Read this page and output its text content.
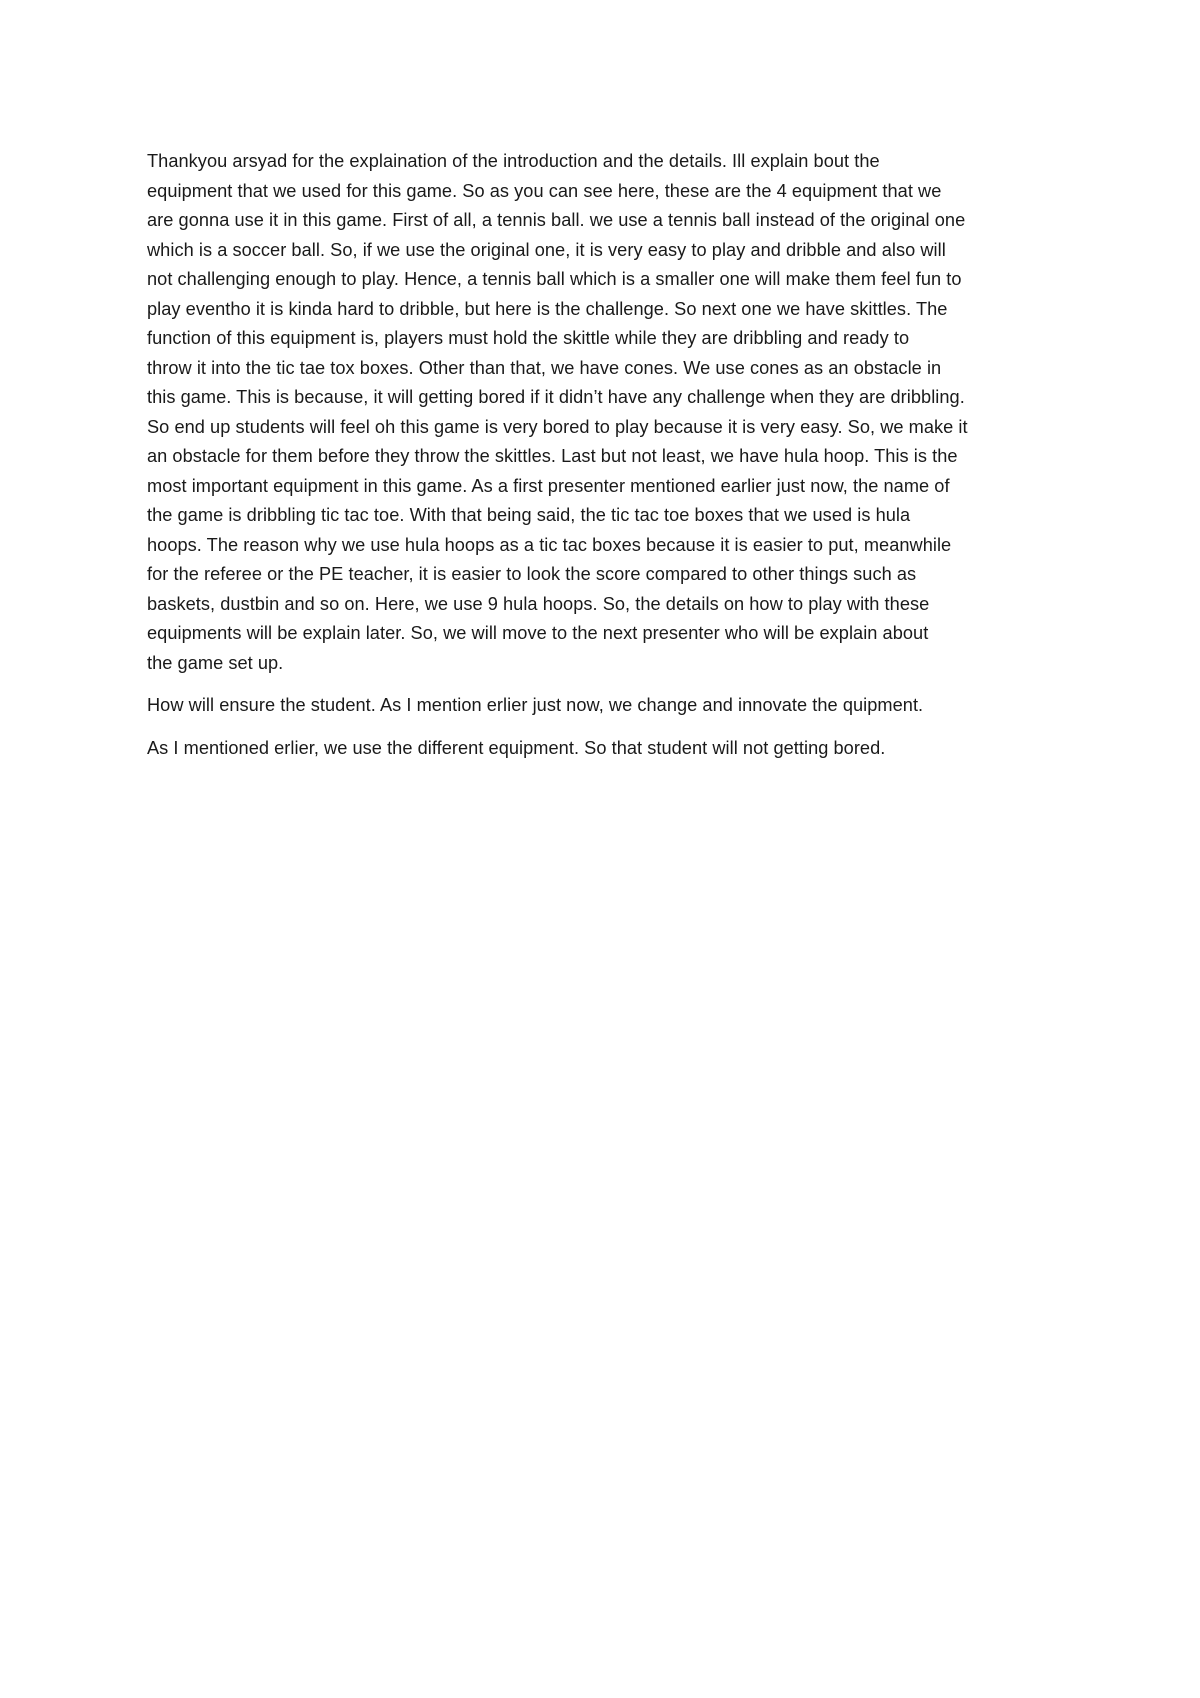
Thankyou arsyad for the explaination of the introduction and the details. Ill explain bout the
equipment that we used for this game. So as you can see here, these are the 4 equipment that we
are gonna use it in this game. First of all, a tennis ball. we use a tennis ball instead of the original one
which is a soccer ball. So, if we use the original one, it is very easy to play and dribble and also will
not challenging enough to play. Hence, a tennis ball which is a smaller one will make them feel fun to
play eventho it is kinda hard to dribble, but here is the challenge. So next one we have skittles. The
function of this equipment is, players must hold the skittle while they are dribbling and ready to
throw it into the tic tae tox boxes. Other than that, we have cones. We use cones as an obstacle in
this game. This is because, it will getting bored if it didn’t have any challenge when they are dribbling.
So end up students will feel oh this game is very bored to play because it is very easy. So, we make it
an obstacle for them before they throw the skittles. Last but not least, we have hula hoop. This is the
most important equipment in this game. As a first presenter mentioned earlier just now, the name of
the game is dribbling tic tac toe. With that being said, the tic tac toe boxes that we used is hula
hoops. The reason why we use hula hoops as a tic tac boxes because it is easier to put, meanwhile
for the referee or the PE teacher, it is easier to look the score compared to other things such as
baskets, dustbin and so on. Here, we use 9 hula hoops. So, the details on how to play with these
equipments will be explain later. So, we will move to the next presenter who will be explain about
the game set up.

How will ensure the student. As I mention erlier just now, we change and innovate the quipment.

As I mentioned erlier, we use the different equipment. So that student will not getting bored.
